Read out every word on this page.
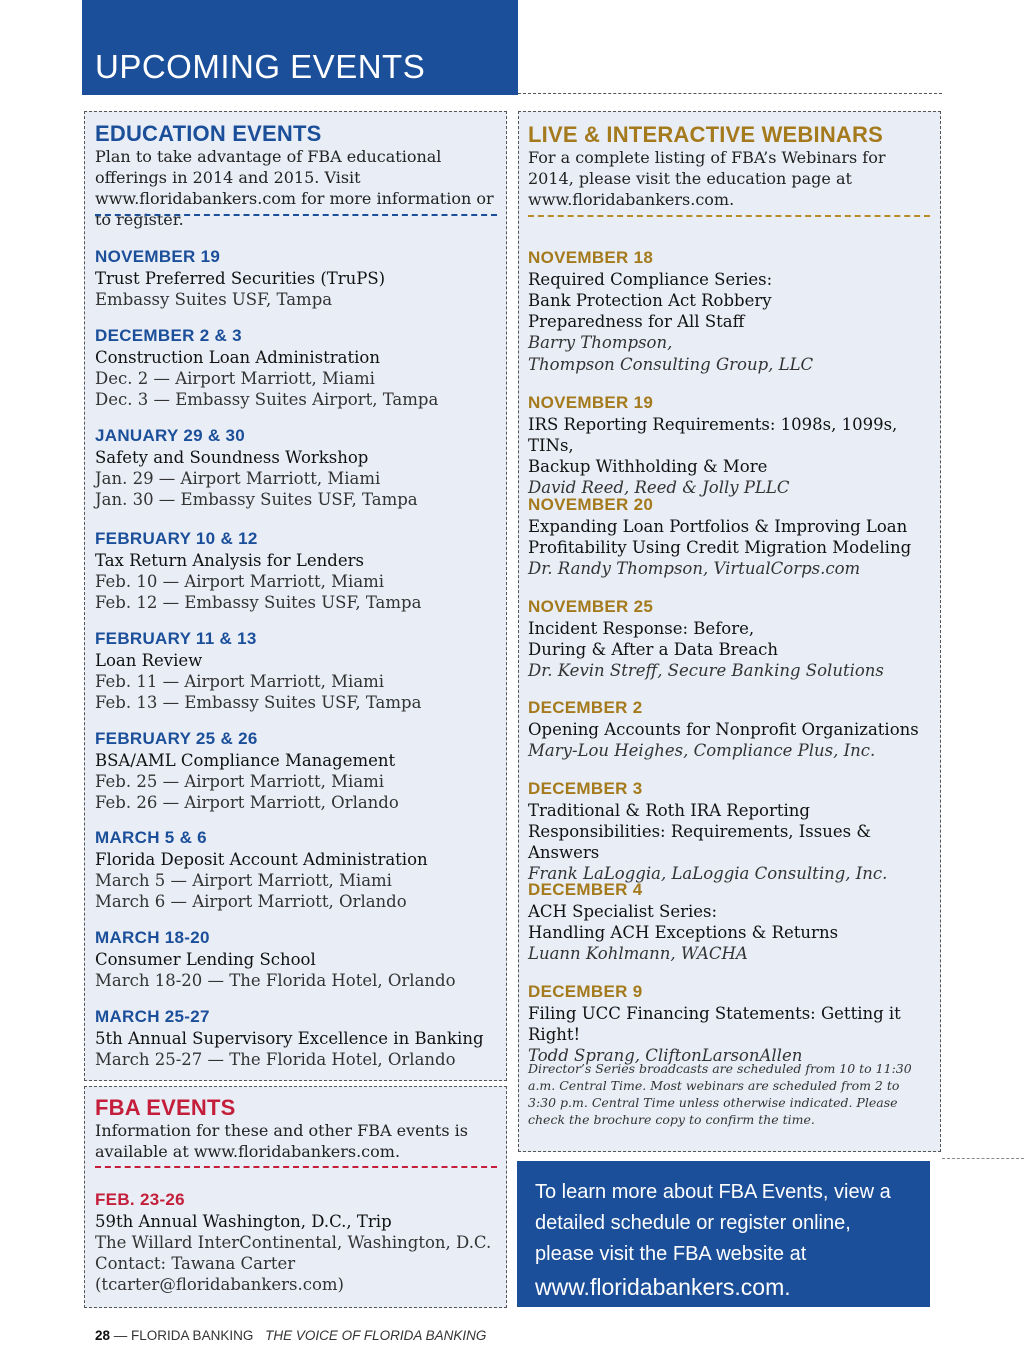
UPCOMING EVENTS
EDUCATION EVENTS
Plan to take advantage of FBA educational offerings in 2014 and 2015. Visit www.floridabankers.com for more information or to register.
NOVEMBER 19
Trust Preferred Securities (TruPS)
Embassy Suites USF, Tampa
DECEMBER 2 & 3
Construction Loan Administration
Dec. 2 — Airport Marriott, Miami
Dec. 3 — Embassy Suites Airport, Tampa
JANUARY 29 & 30
Safety and Soundness Workshop
Jan. 29 — Airport Marriott, Miami
Jan. 30 — Embassy Suites USF, Tampa
FEBRUARY 10 & 12
Tax Return Analysis for Lenders
Feb. 10 — Airport Marriott, Miami
Feb. 12 — Embassy Suites USF, Tampa
FEBRUARY 11 & 13
Loan Review
Feb. 11 — Airport Marriott, Miami
Feb. 13 — Embassy Suites USF, Tampa
FEBRUARY 25 & 26
BSA/AML Compliance Management
Feb. 25 — Airport Marriott, Miami
Feb. 26 — Airport Marriott, Orlando
MARCH 5 & 6
Florida Deposit Account Administration
March 5 — Airport Marriott, Miami
March 6 — Airport Marriott, Orlando
MARCH 18-20
Consumer Lending School
March 18-20 — The Florida Hotel, Orlando
MARCH 25-27
5th Annual Supervisory Excellence in Banking
March 25-27 — The Florida Hotel, Orlando
FBA EVENTS
Information for these and other FBA events is available at www.floridabankers.com.
FEB. 23-26
59th Annual Washington, D.C., Trip
The Willard InterContinental, Washington, D.C.
Contact: Tawana Carter
(tcarter@floridabankers.com)
LIVE & INTERACTIVE WEBINARS
For a complete listing of FBA’s Webinars for 2014, please visit the education page at www.floridabankers.com.
NOVEMBER 18
Required Compliance Series:
Bank Protection Act Robbery
Preparedness for All Staff
Barry Thompson,
Thompson Consulting Group, LLC
NOVEMBER 19
IRS Reporting Requirements: 1098s, 1099s, TINs,
Backup Withholding & More
David Reed, Reed & Jolly PLLC
NOVEMBER 20
Expanding Loan Portfolios & Improving Loan
Profitability Using Credit Migration Modeling
Dr. Randy Thompson, VirtualCorps.com
NOVEMBER 25
Incident Response: Before,
During & After a Data Breach
Dr. Kevin Streff, Secure Banking Solutions
DECEMBER 2
Opening Accounts for Nonprofit Organizations
Mary-Lou Heighes, Compliance Plus, Inc.
DECEMBER 3
Traditional & Roth IRA Reporting
Responsibilities: Requirements, Issues & Answers
Frank LaLoggia, LaLoggia Consulting, Inc.
DECEMBER 4
ACH Specialist Series:
Handling ACH Exceptions & Returns
Luann Kohlmann, WACHA
DECEMBER 9
Filing UCC Financing Statements: Getting it Right!
Todd Sprang, CliftonLarsonAllen
Director’s Series broadcasts are scheduled from 10 to 11:30 a.m. Central Time. Most webinars are scheduled from 2 to 3:30 p.m. Central Time unless otherwise indicated. Please check the brochure copy to confirm the time.
To learn more about FBA Events, view a detailed schedule or register online, please visit the FBA website at
www.floridabankers.com.
28 — FLORIDA BANKING THE VOICE OF FLORIDA BANKING
